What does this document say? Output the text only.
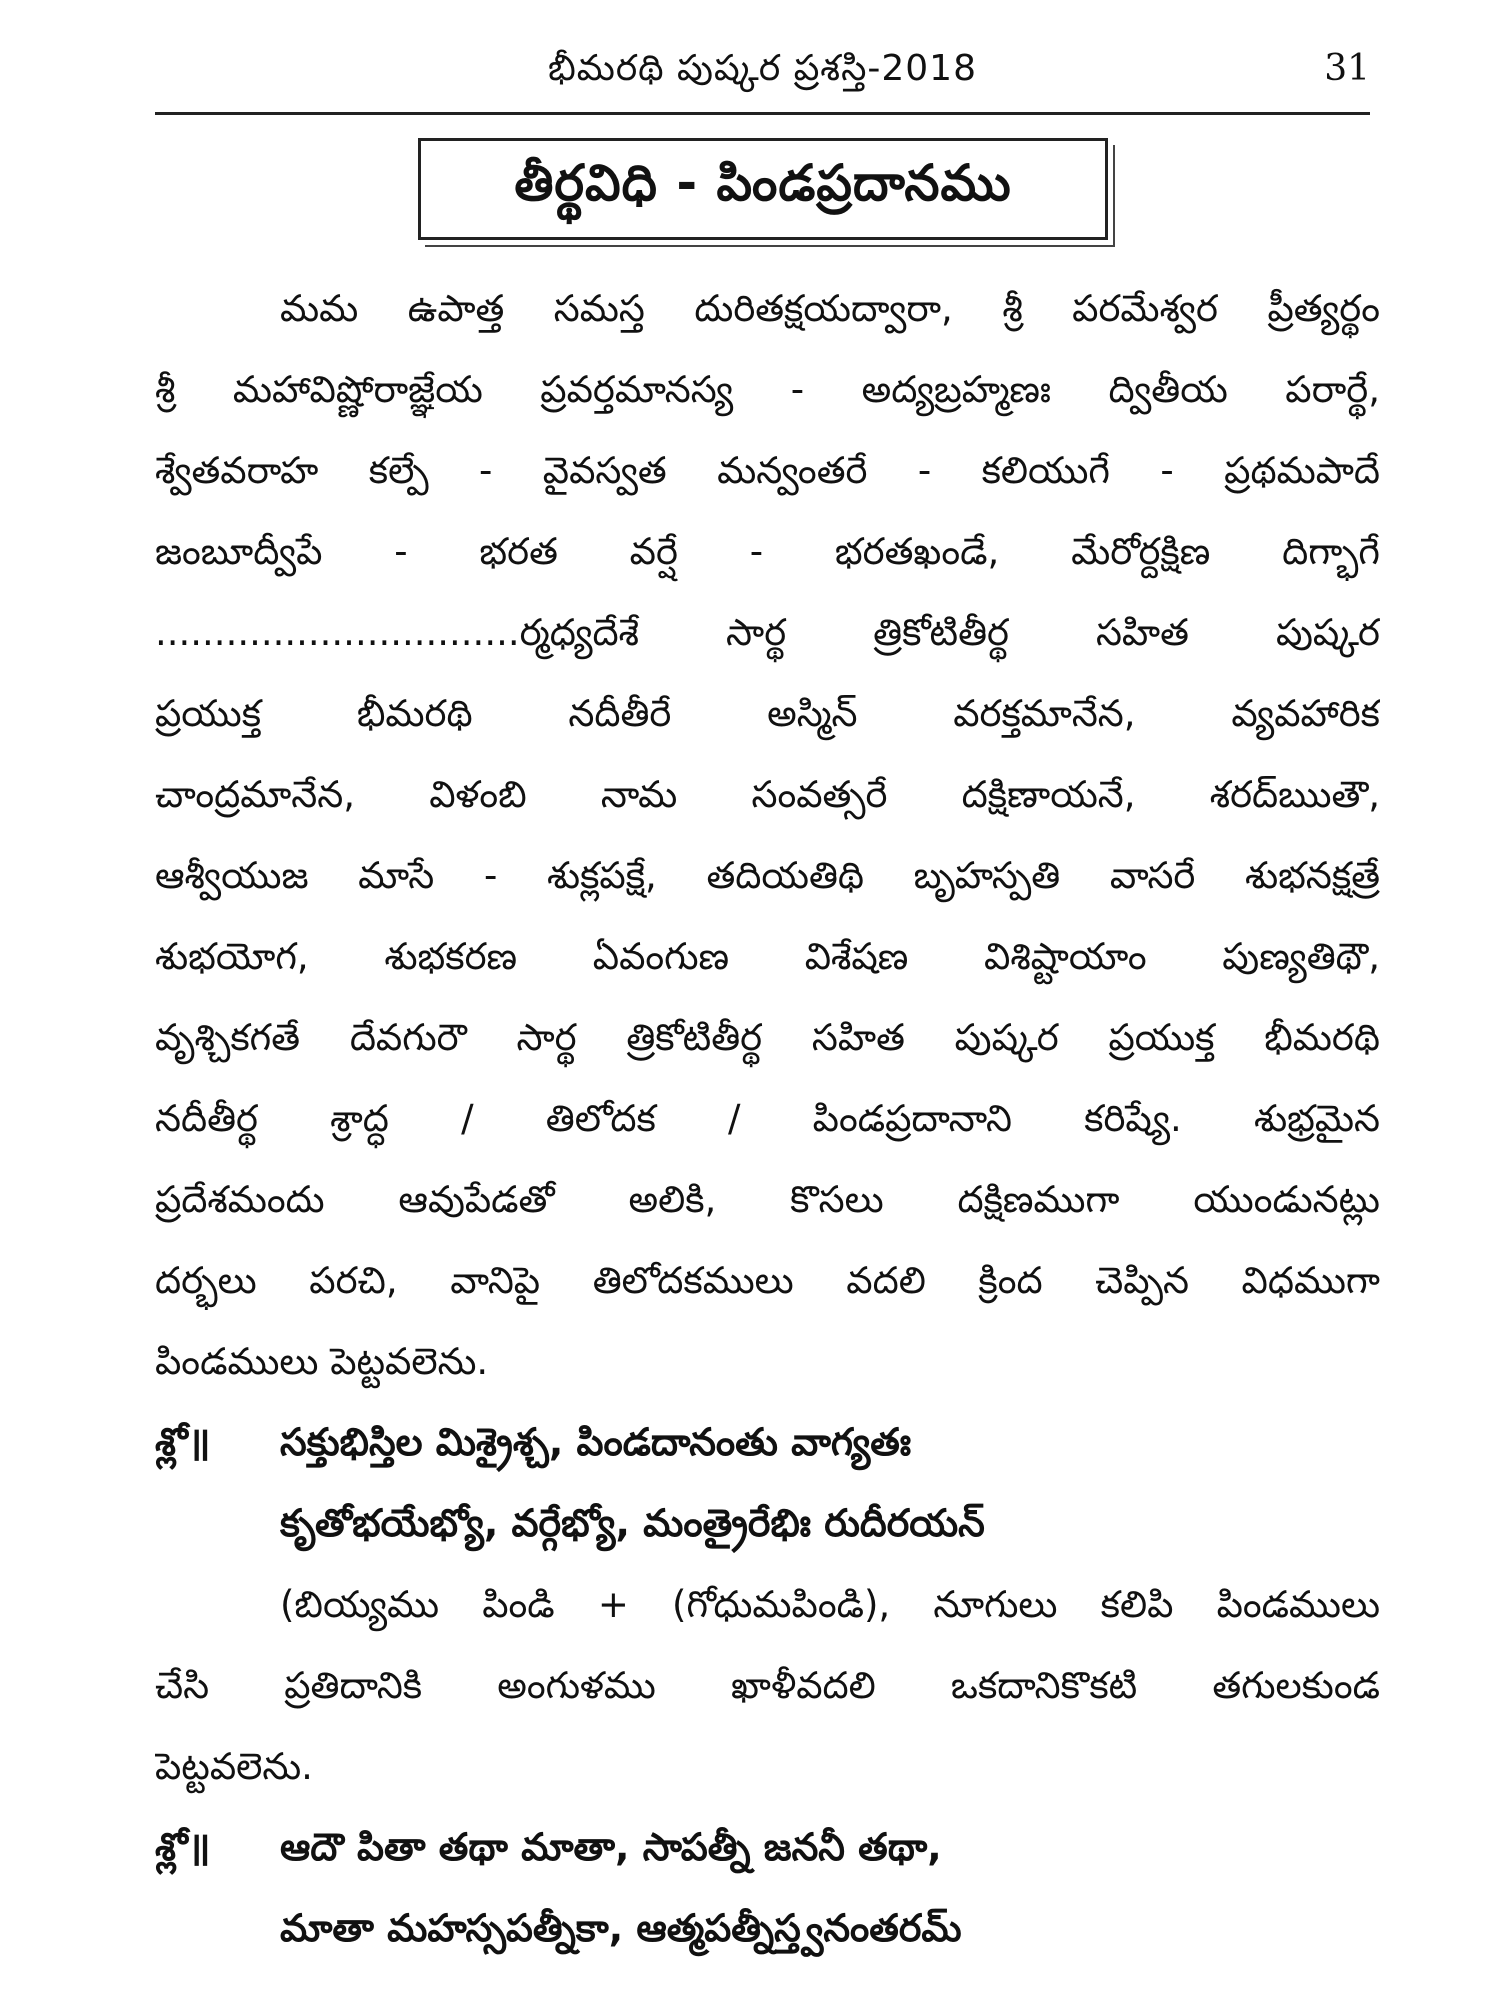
భీమరథి పుష్కర ప్రశస్తి-2018	31
తీర్థవిధి - పిండప్రదానము
మమ ఉపాత్త సమస్త దురితక్షయద్వారా, శ్రీ పరమేశ్వర ప్రీత్యర్థం
శ్రీ మహావిష్ణోరాజ్ఞేయ ప్రవర్తమానస్య - అద్యబ్రహ్మణః ద్వితీయ పరార్థే,
శ్వేతవరాహ కల్పే - వైవస్వత మన్వంతరే - కలియుగే - ప్రథమపాదే
జంబూద్వీపే - భరత వర్షే - భరతఖండే, మేరోర్దక్షిణ దిగ్భాగే
...............................ర్మధ్యదేశే సార్థ త్రికోటితీర్థ సహిత పుష్కర
ప్రయుక్త భీమరథి నదీతీరే అస్మిన్ వరక్తమానేన, వ్యవహారిక
చాంద్రమానేన, విళంబి నామ సంవత్సరే దక్షిణాయనే, శరద్ఋతౌ,
ఆశ్వీయుజ మాసే - శుక్లపక్షే, తదియతిథి బృహస్పతి వాసరే శుభనక్షత్రే
శుభయోగ, శుభకరణ ఏవంగుణ విశేషణ విశిష్టాయాం పుణ్యతిథౌ,
వృశ్చికగతే దేవగురౌ సార్థ త్రికోటితీర్థ సహిత పుష్కర ప్రయుక్త భీమరథి
నదీతీర్థ శ్రాద్ధ / తిలోదక / పిండప్రదానాని కరిష్యే. శుభ్రమైన
ప్రదేశమందు ఆవుపేడతో అలికి, కొసలు దక్షిణముగా యుండునట్లు
దర్భలు పరచి, వానిపై తిలోదకములు వదలి క్రింద చెప్పిన విధముగా
పిండములు పెట్టవలెను.
శ్లో॥	సక్తుభిస్తిల మిశ్రైశ్చ, పిండదానంతు వాగ్యతః
కృతోభయేభ్యో, వర్గేభ్యో, మంత్రైరేభిః రుదీరయన్
(బియ్యము పిండి + (గోధుమపిండి), నూగులు కలిపి పిండములు
చేసి ప్రతిదానికి అంగుళము ఖాళీవదలి ఒకదానికొకటి తగులకుండ
పెట్టవలెను.
శ్లో॥	ఆదౌ పితా తథా మాతా, సాపత్నీ జననీ తథా,
మాతా మహస్సపత్నీకా, ఆత్మపత్నీస్త్వనంతరమ్
